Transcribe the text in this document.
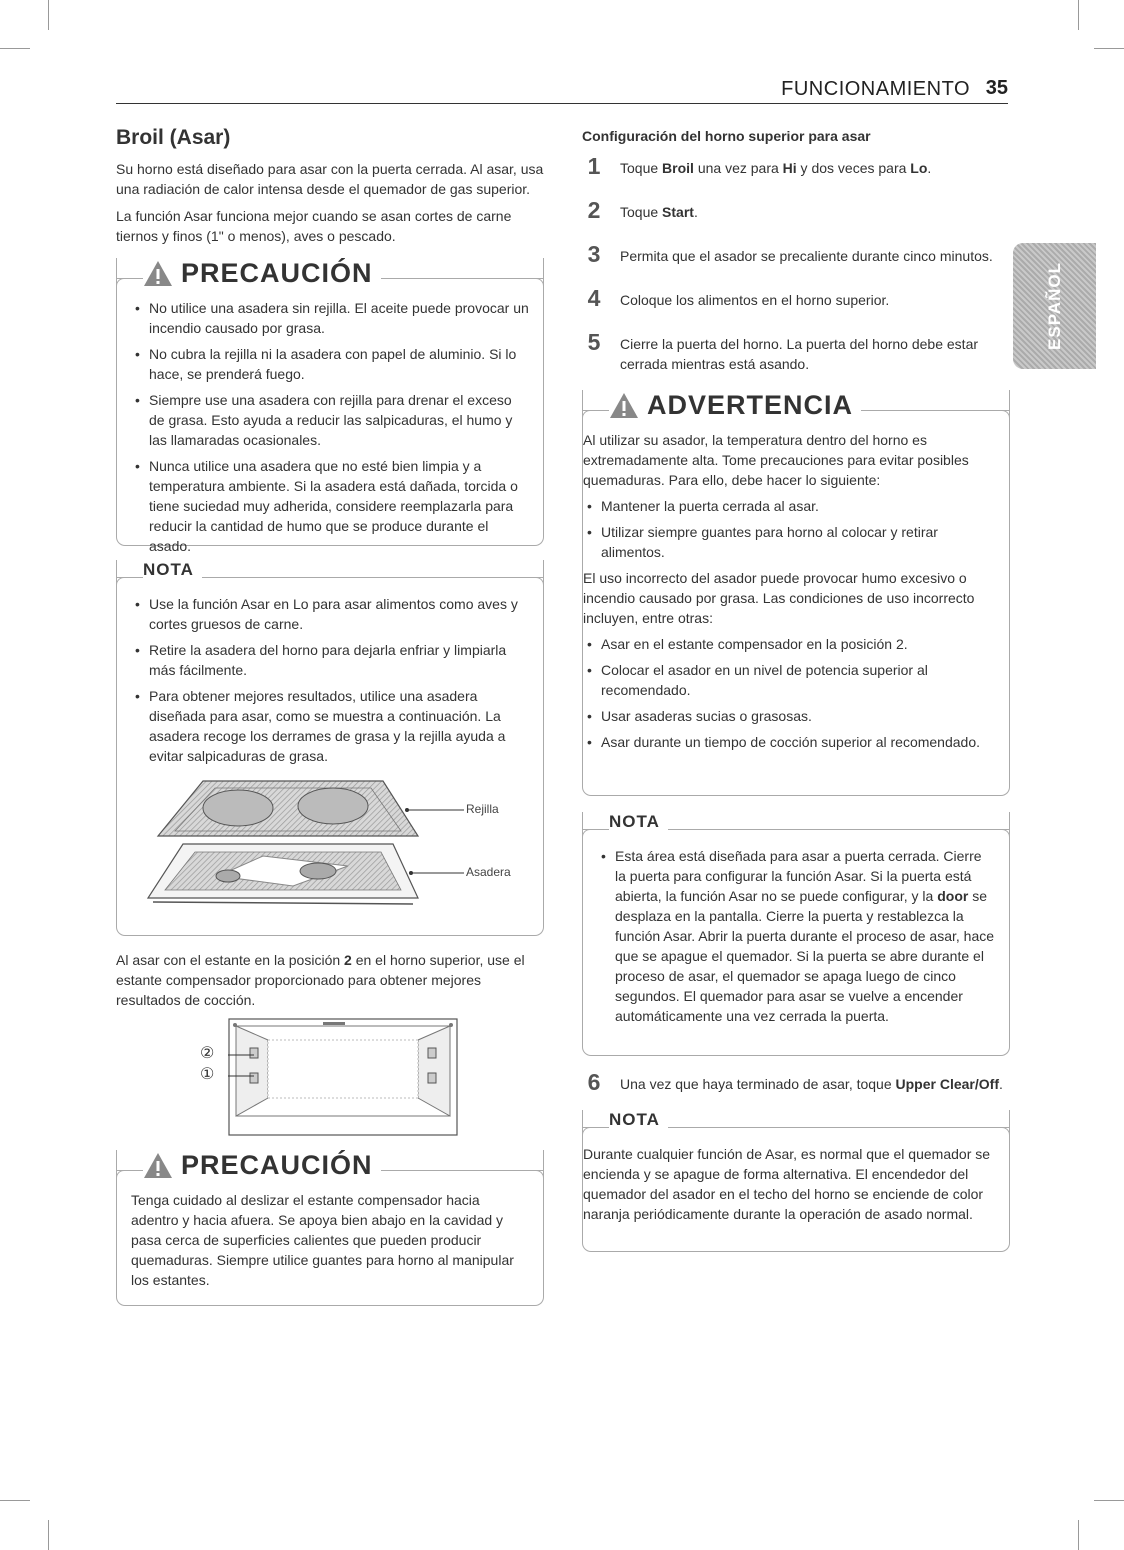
FUNCIONAMIENTO 35
ESPAÑOL
Broil (Asar)

Su horno está diseñado para asar con la puerta cerrada. Al asar, usa una radiación de calor intensa desde el quemador de gas superior.

La función Asar funciona mejor cuando se asan cortes de carne tiernos y finos (1" o menos), aves o pescado.

PRECAUCIÓN
• No utilice una asadera sin rejilla. El aceite puede provocar un incendio causado por grasa.
• No cubra la rejilla ni la asadera con papel de aluminio. Si lo hace, se prenderá fuego.
• Siempre use una asadera con rejilla para drenar el exceso de grasa. Esto ayuda a reducir las salpicaduras, el humo y las llamaradas ocasionales.
• Nunca utilice una asadera que no esté bien limpia y a temperatura ambiente. Si la asadera está dañada, torcida o tiene suciedad muy adherida, considere reemplazarla para reducir la cantidad de humo que se produce durante el asado.
NOTA
• Use la función Asar en Lo para asar alimentos como aves y cortes gruesos de carne.
• Retire la asadera del horno para dejarla enfriar y limpiarla más fácilmente.
• Para obtener mejores resultados, utilice una asadera diseñada para asar, como se muestra a continuación. La asadera recoge los derrames de grasa y la rejilla ayuda a evitar salpicaduras de grasa.
Rejilla
Asadera

Al asar con el estante en la posición 2 en el horno superior, use el estante compensador proporcionado para obtener mejores resultados de cocción.

②
①
PRECAUCIÓN

Tenga cuidado al deslizar el estante compensador hacia adentro y hacia afuera. Se apoya bien abajo en la cavidad y pasa cerca de superficies calientes que pueden producir quemaduras. Siempre utilice guantes para horno al manipular los estantes.

Configuración del horno superior para asar
1	Toque Broil una vez para Hi y dos veces para Lo.
2	Toque Start.
3	Permita que el asador se precaliente durante cinco minutos.
4	Coloque los alimentos en el horno superior.
5	Cierre la puerta del horno. La puerta del horno debe estar cerrada mientras está asando.
ADVERTENCIA

Al utilizar su asador, la temperatura dentro del horno es extremadamente alta. Tome precauciones para evitar posibles quemaduras. Para ello, debe hacer lo siguiente:

• Mantener la puerta cerrada al asar.
• Utilizar siempre guantes para horno al colocar y retirar alimentos.

El uso incorrecto del asador puede provocar humo excesivo o incendio causado por grasa. Las condiciones de uso incorrecto incluyen, entre otras:

• Asar en el estante compensador en la posición 2.
• Colocar el asador en un nivel de potencia superior al recomendado.
• Usar asaderas sucias o grasosas.
• Asar durante un tiempo de cocción superior al recomendado.
NOTA
• Esta área está diseñada para asar a puerta cerrada. Cierre la puerta para configurar la función Asar. Si la puerta está abierta, la función Asar no se puede configurar, y la door se desplaza en la pantalla. Cierre la puerta y restablezca la función Asar. Abrir la puerta durante el proceso de asar, hace que se apague el quemador. Si la puerta se abre durante el proceso de asar, el quemador se apaga luego de cinco segundos. El quemador para asar se vuelve a encender automáticamente una vez cerrada la puerta.
6	Una vez que haya terminado de asar, toque Upper Clear/Off.
NOTA

Durante cualquier función de Asar, es normal que el quemador se encienda y se apague de forma alternativa. El encendedor del quemador del asador en el techo del horno se enciende de color naranja periódicamente durante la operación de asado normal.
